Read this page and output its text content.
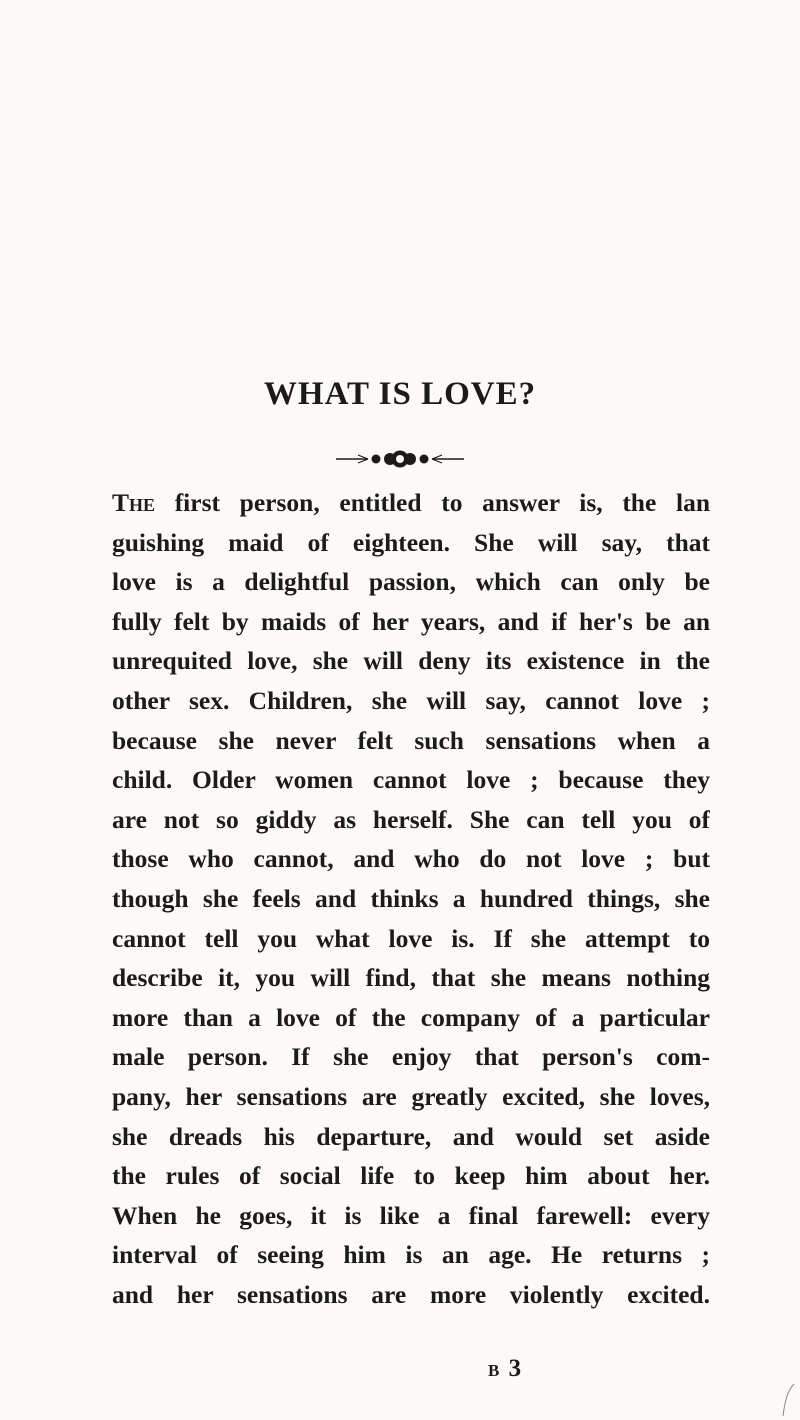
WHAT IS LOVE?
The first person, entitled to answer is, the lan
guishing maid of eighteen. She will say, that
love is a delightful passion, which can only be
fully felt by maids of her years, and if her's be an
unrequited love, she will deny its existence in the
other sex. Children, she will say, cannot love ;
because she never felt such sensations when a
child. Older women cannot love ; because they
are not so giddy as herself. She can tell you of
those who cannot, and who do not love ; but
though she feels and thinks a hundred things, she
cannot tell you what love is. If she attempt to
describe it, you will find, that she means nothing
more than a love of the company of a particular
male person. If she enjoy that person's com-
pany, her sensations are greatly excited, she loves,
she dreads his departure, and would set aside
the rules of social life to keep him about her.
When he goes, it is like a final farewell: every
interval of seeing him is an age. He returns ;
and her sensations are more violently excited.

B 3
